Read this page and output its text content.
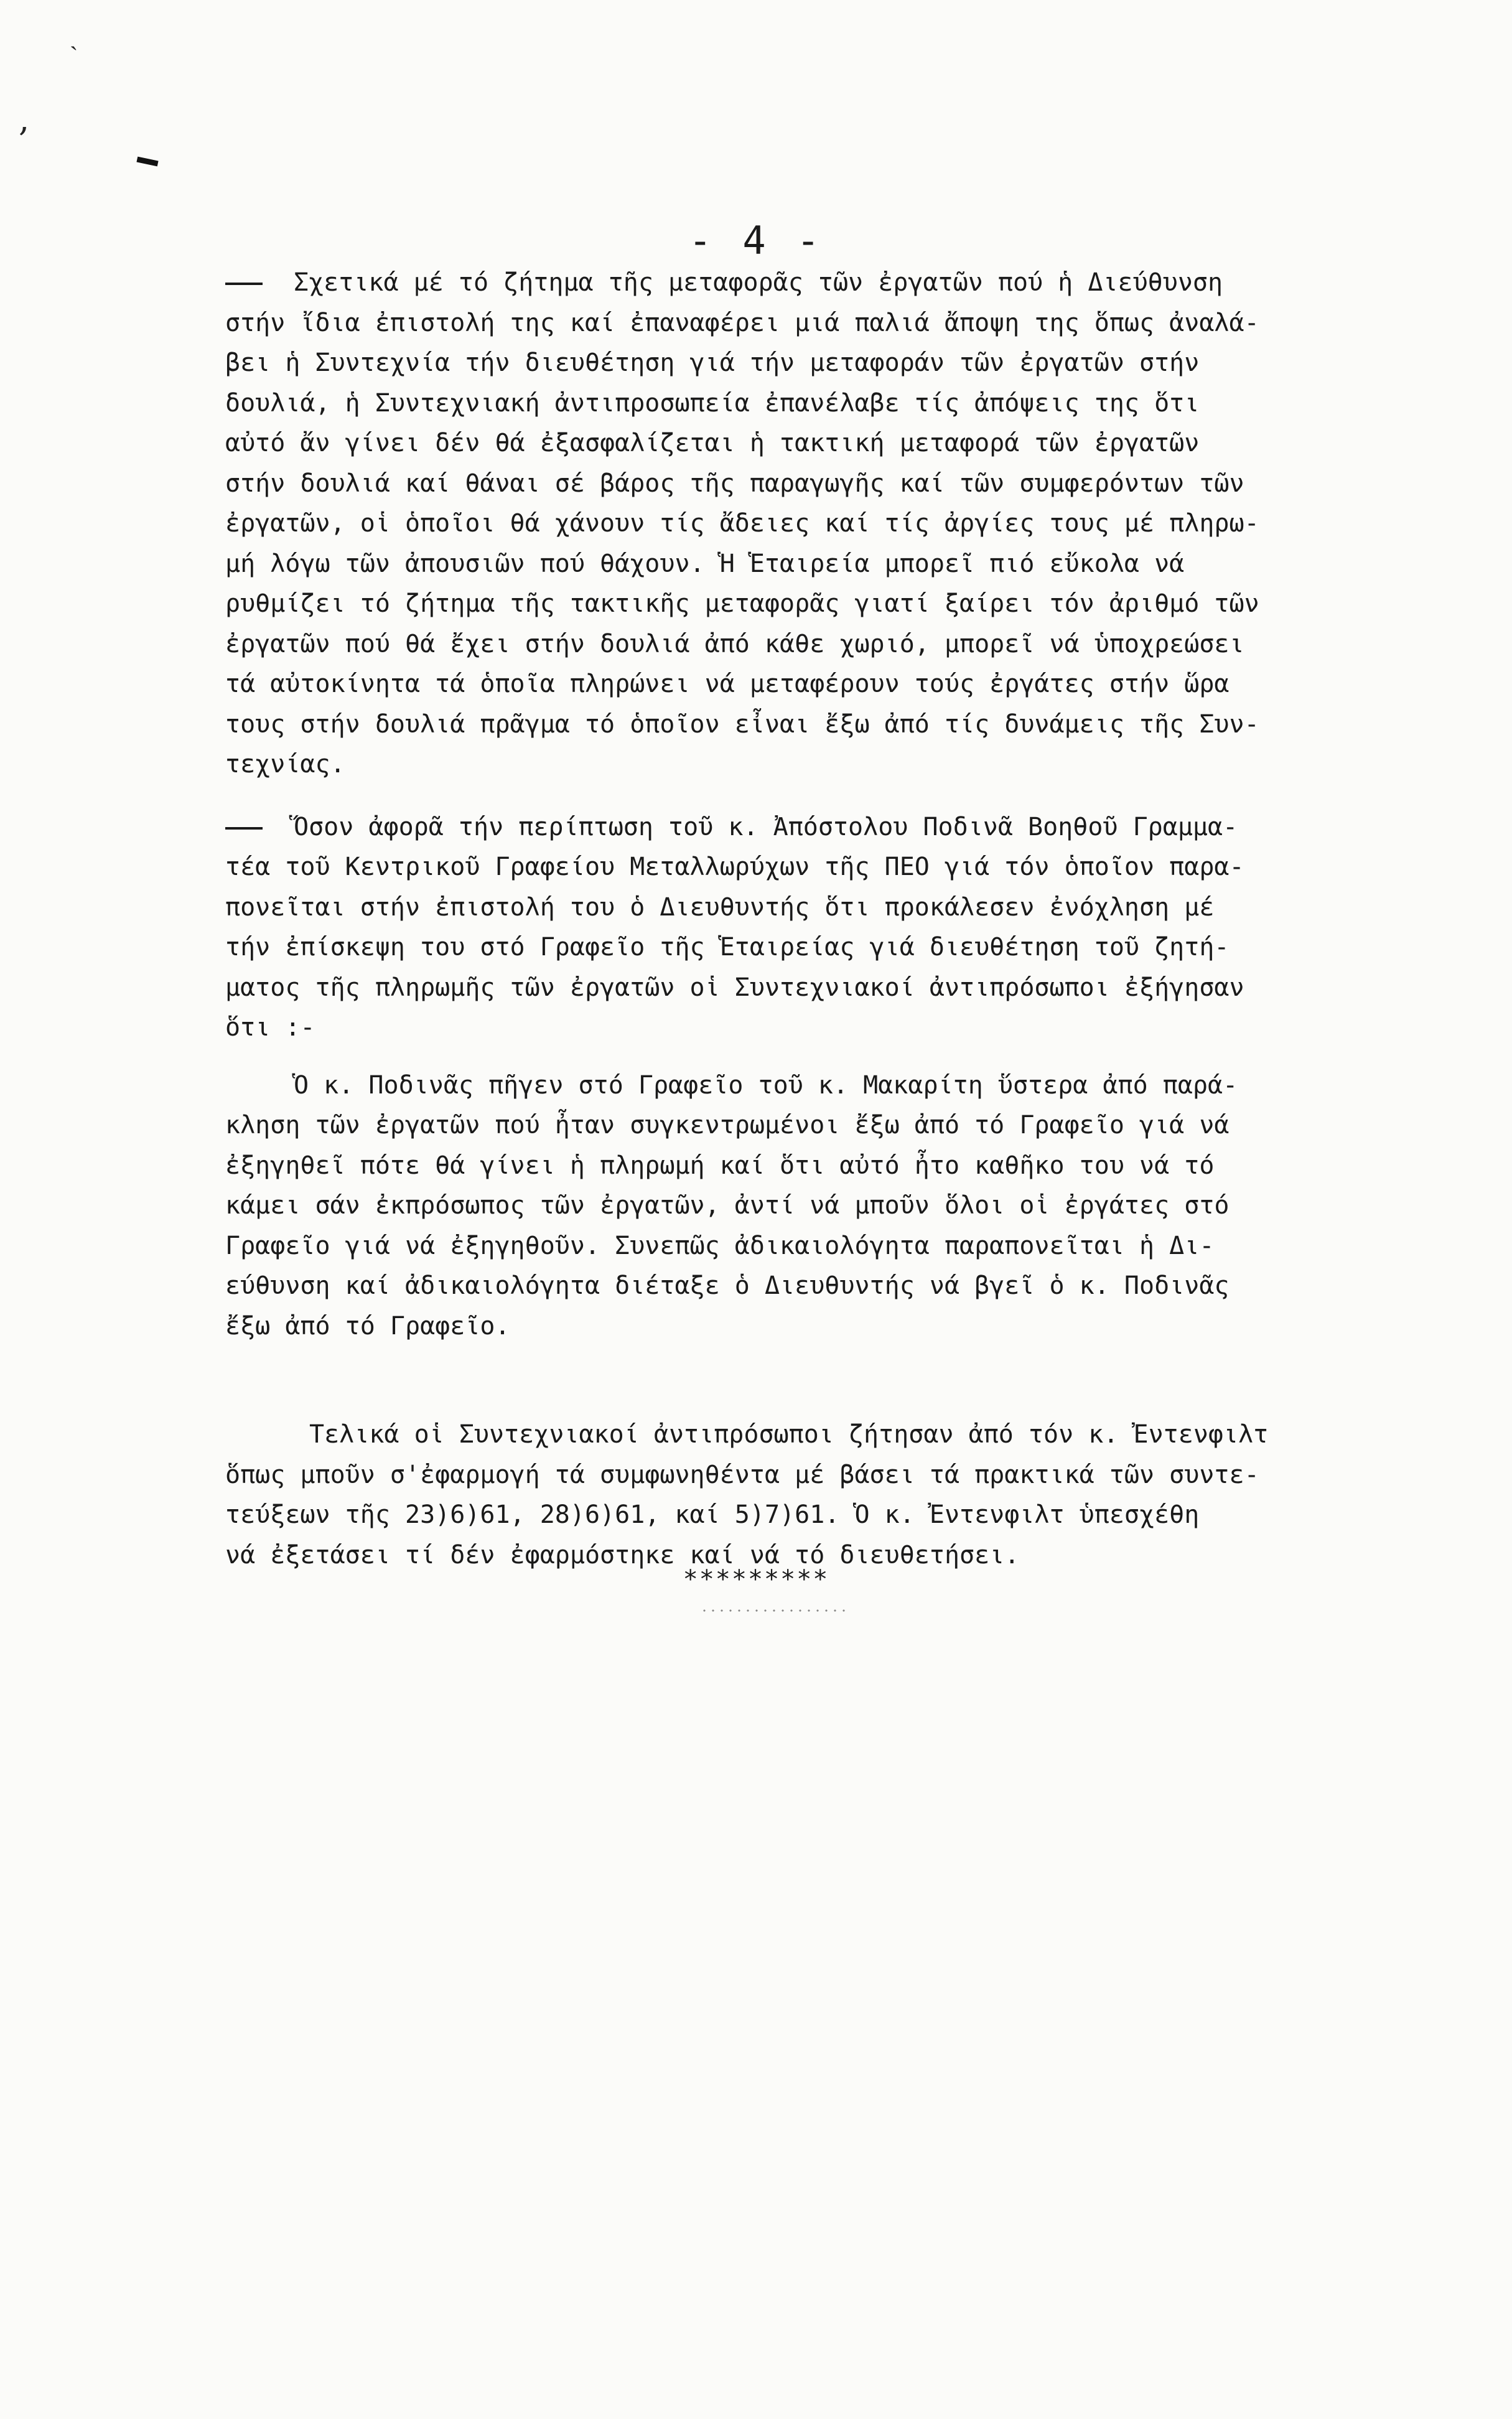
ˎ
,
- 4 -
Σχετικά μέ τό ζήτημα τῆς μεταφορᾶς τῶν ἐργατῶν πού ἡ Διεύθυνση
στήν ἴδια ἐπιστολή της καί ἐπαναφέρει μιά παλιά ἄποψη της ὅπως ἀναλά-
βει ἡ Συντεχνία τήν διευθέτηση γιά τήν μεταφοράν τῶν ἐργατῶν στήν
δουλιά, ἡ Συντεχνιακή ἀντιπροσωπεία ἐπανέλαβε τίς ἀπόψεις της ὅτι
αὐτό ἄν γίνει δέν θά ἐξασφαλίζεται ἡ τακτική μεταφορά τῶν ἐργατῶν
στήν δουλιά καί θάναι σέ βάρος τῆς παραγωγῆς καί τῶν συμφερόντων τῶν
ἐργατῶν, οἱ ὁποῖοι θά χάνουν τίς ἄδειες καί τίς ἀργίες τους μέ πληρω-
μή λόγω τῶν ἀπουσιῶν πού θάχουν. Ἡ Ἑταιρεία μπορεῖ πιό εὔκολα νά
ρυθμίζει τό ζήτημα τῆς τακτικῆς μεταφορᾶς γιατί ξαίρει τόν ἀριθμό τῶν
ἐργατῶν πού θά ἔχει στήν δουλιά ἀπό κάθε χωριό, μπορεῖ νά ὑποχρεώσει
τά αὐτοκίνητα τά ὁποῖα πληρώνει νά μεταφέρουν τούς ἐργάτες στήν ὥρα
τους στήν δουλιά πρᾶγμα τό ὁποῖον εἶναι ἔξω ἀπό τίς δυνάμεις τῆς Συν-
τεχνίας.
Ὅσον ἀφορᾶ τήν περίπτωση τοῦ κ. Ἀπόστολου Ποδινᾶ Βοηθοῦ Γραμμα-
τέα τοῦ Κεντρικοῦ Γραφείου Μεταλλωρύχων τῆς ΠΕΟ γιά τόν ὁποῖον παρα-
πονεῖται στήν ἐπιστολή του ὁ Διευθυντής ὅτι προκάλεσεν ἐνόχληση μέ
τήν ἐπίσκεψη του στό Γραφεῖο τῆς Ἑταιρείας γιά διευθέτηση τοῦ ζητή-
ματος τῆς πληρωμῆς τῶν ἐργατῶν οἱ Συντεχνιακοί ἀντιπρόσωποι ἐξήγησαν
ὅτι :-
Ὁ κ. Ποδινᾶς πῆγεν στό Γραφεῖο τοῦ κ. Μακαρίτη ὕστερα ἀπό παρά-
κληση τῶν ἐργατῶν πού ἦταν συγκεντρωμένοι ἔξω ἀπό τό Γραφεῖο γιά νά
ἐξηγηθεῖ πότε θά γίνει ἡ πληρωμή καί ὅτι αὐτό ἦτο καθῆκο του νά τό
κάμει σάν ἐκπρόσωπος τῶν ἐργατῶν, ἀντί νά μποῦν ὅλοι οἱ ἐργάτες στό
Γραφεῖο γιά νά ἐξηγηθοῦν. Συνεπῶς ἀδικαιολόγητα παραπονεῖται ἡ Δι-
εύθυνση καί ἀδικαιολόγητα διέταξε ὁ Διευθυντής νά βγεῖ ὁ κ. Ποδινᾶς
ἔξω ἀπό τό Γραφεῖο.
Τελικά οἱ Συντεχνιακοί ἀντιπρόσωποι ζήτησαν ἀπό τόν κ. Ἐντενφιλτ
ὅπως μποῦν σ'ἐφαρμογή τά συμφωνηθέντα μέ βάσει τά πρακτικά τῶν συντε-
τεύξεων τῆς 23)6)61, 28)6)61, καί 5)7)61. Ὁ κ. Ἐντενφιλτ ὑπεσχέθη
νά ἐξετάσει τί δέν ἐφαρμόστηκε καί νά τό διευθετήσει.
*********
